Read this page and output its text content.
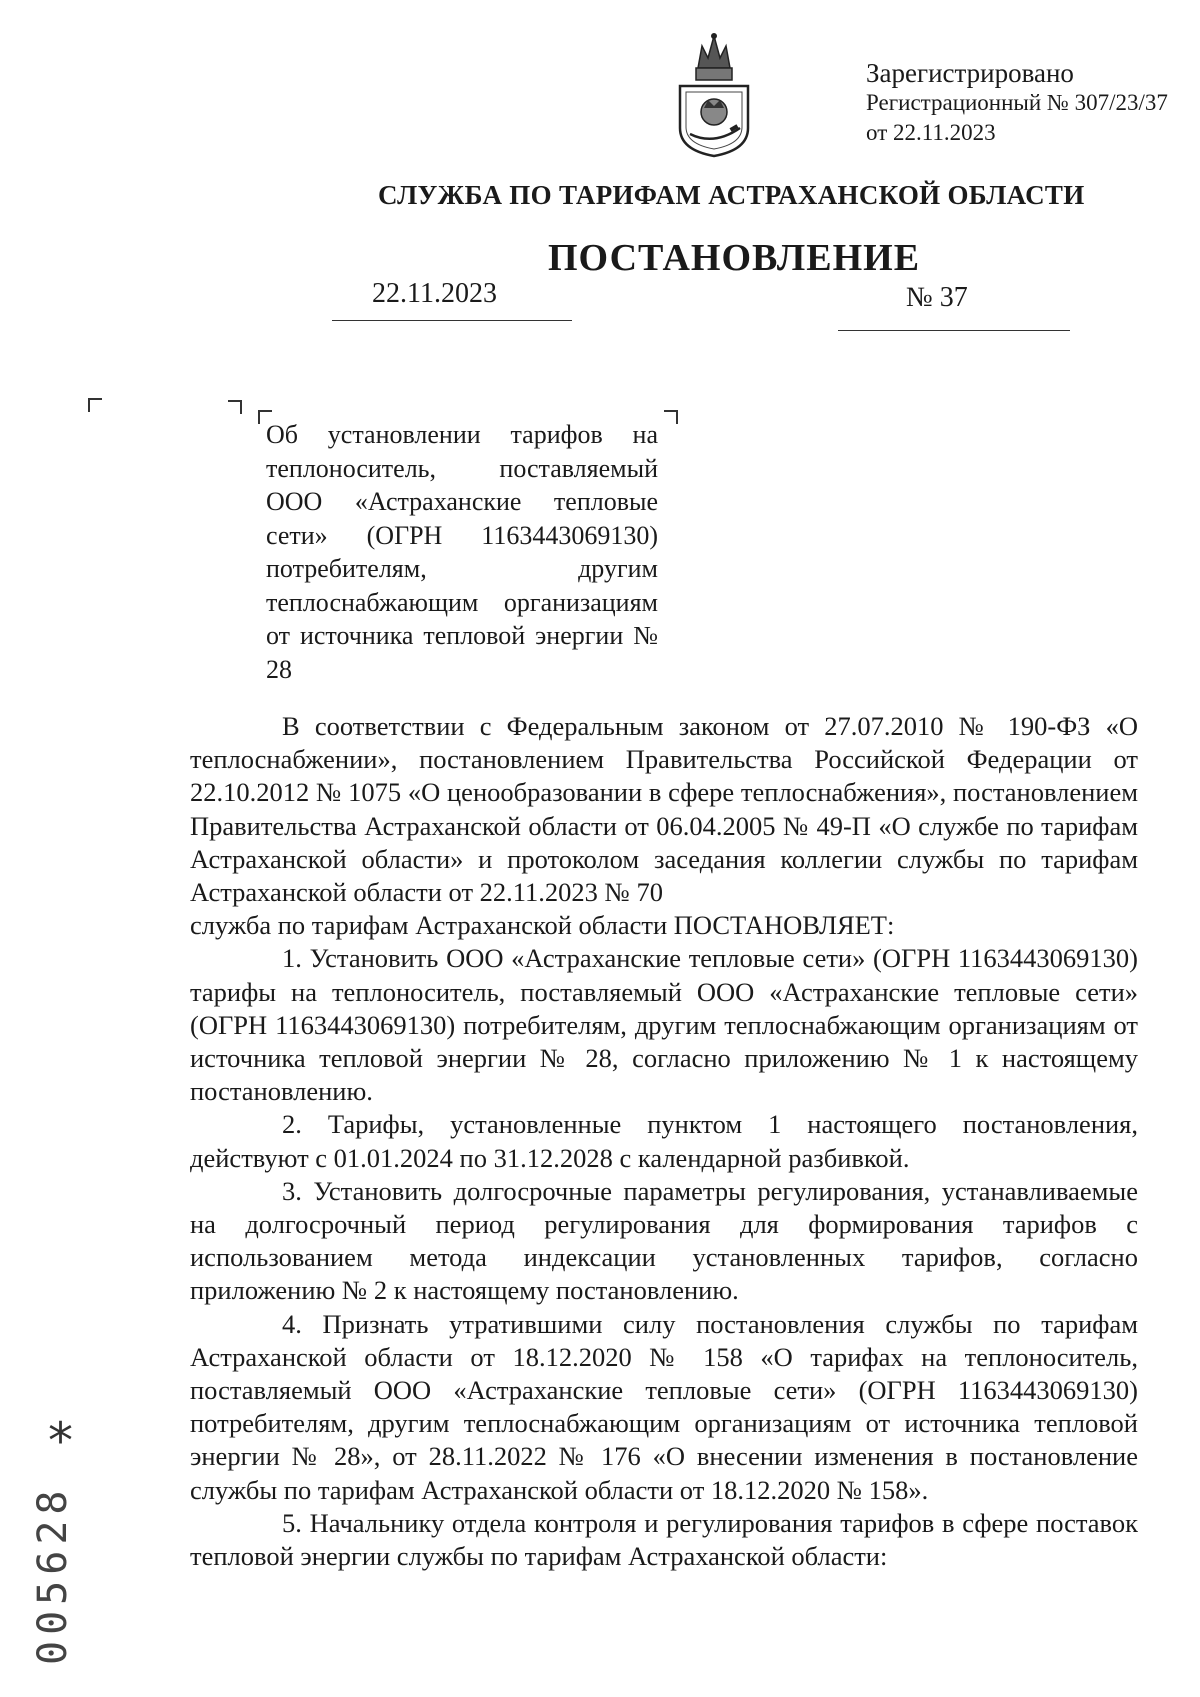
Зарегистрировано
Регистрационный № 307/23/37
от 22.11.2023
СЛУЖБА ПО ТАРИФАМ АСТРАХАНСКОЙ ОБЛАСТИ
ПОСТАНОВЛЕНИЕ
22.11.2023	№ 37
Об установлении тарифов на теплоноситель, поставляемый ООО «Астраханские тепловые сети» (ОГРН 1163443069130) потребителям, другим теплоснабжающим организациям от источника тепловой энергии № 28

В соответствии с Федеральным законом от 27.07.2010 № 190-ФЗ «О теплоснабжении», постановлением Правительства Российской Федерации от 22.10.2012 № 1075 «О ценообразовании в сфере теплоснабжения», постановлением Правительства Астраханской области от 06.04.2005 № 49-П «О службе по тарифам Астраханской области» и протоколом заседания коллегии службы по тарифам Астраханской области от 22.11.2023 № 70

служба по тарифам Астраханской области ПОСТАНОВЛЯЕТ:

1. Установить ООО «Астраханские тепловые сети» (ОГРН 1163443069130) тарифы на теплоноситель, поставляемый ООО «Астраханские тепловые сети» (ОГРН 1163443069130) потребителям, другим теплоснабжающим организациям от источника тепловой энергии № 28, согласно приложению № 1 к настоящему постановлению.

2. Тарифы, установленные пунктом 1 настоящего постановления, действуют с 01.01.2024 по 31.12.2028 с календарной разбивкой.

3. Установить долгосрочные параметры регулирования, устанавливаемые на долгосрочный период регулирования для формирования тарифов с использованием метода индексации установленных тарифов, согласно приложению № 2 к настоящему постановлению.

4. Признать утратившими силу постановления службы по тарифам Астраханской области от 18.12.2020 № 158 «О тарифах на теплоноситель, поставляемый ООО «Астраханские тепловые сети» (ОГРН 1163443069130) потребителям, другим теплоснабжающим организациям от источника тепловой энергии № 28», от 28.11.2022 № 176 «О внесении изменения в постановление службы по тарифам Астраханской области от 18.12.2020 № 158».

5. Начальнику отдела контроля и регулирования тарифов в сфере поставок тепловой энергии службы по тарифам Астраханской области:

*
005628
